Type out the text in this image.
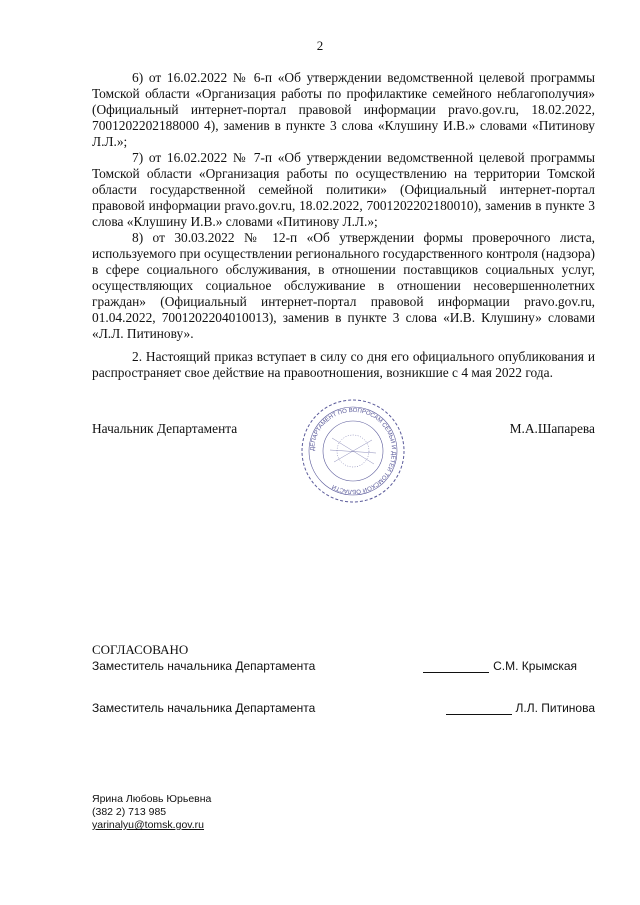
2

6) от 16.02.2022 № 6-п «Об утверждении ведомственной целевой программы Томской области «Организация работы по профилактике семейного неблагополучия» (Официальный интернет-портал правовой информации pravo.gov.ru, 18.02.2022, 7001202202188000 4), заменив в пункте 3 слова «Клушину И.В.» словами «Питинову Л.Л.»;

7) от 16.02.2022 № 7-п «Об утверждении ведомственной целевой программы Томской области «Организация работы по осуществлению на территории Томской области государственной семейной политики» (Официальный интернет-портал правовой информации pravo.gov.ru, 18.02.2022, 7001202202180010), заменив в пункте 3 слова «Клушину И.В.» словами «Питинову Л.Л.»;

8) от 30.03.2022 № 12-п «Об утверждении формы проверочного листа, используемого при осуществлении регионального государственного контроля (надзора) в сфере социального обслуживания, в отношении поставщиков социальных услуг, осуществляющих социальное обслуживание в отношении несовершеннолетних граждан» (Официальный интернет-портал правовой информации pravo.gov.ru, 01.04.2022, 7001202204010013), заменив в пункте 3 слова «И.В. Клушину» словами «Л.Л. Питинову».

2. Настоящий приказ вступает в силу со дня его официального опубликования и распространяет свое действие на правоотношения, возникшие с 4 мая 2022 года.

Начальник Департамента
ДЕПАРТАМЕНТ ПО ВОПРОСАМ СЕМЬИ И ДЕТЕЙ ТОМСКОЙ ОБЛАСТИ
М.А.Шапарева
СОГЛАСОВАНО
Заместитель начальника Департамента	С.М. Крымская
Заместитель начальника Департамента	Л.Л. Питинова
Ярина Любовь Юрьевна
(382 2) 713 985
yarinalyu@tomsk.gov.ru
